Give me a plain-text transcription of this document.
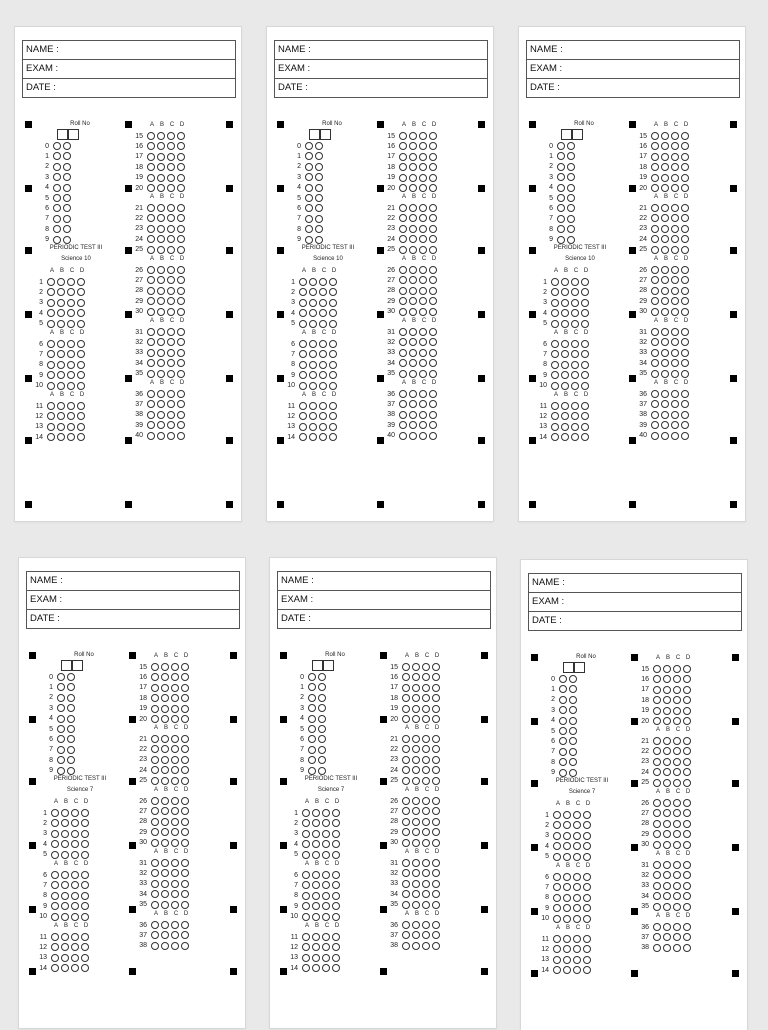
NAME :
EXAM :
DATE :
Roll No
0
1
2
3
4
5
6
7
8
9
PERIODIC TEST III
Science 10
A B C D
1
2
3
4
5
A B C D
6
7
8
9
10
A B C D
11
12
13
14
A B C D
15
16
17
18
19
20
A B C D
21
22
23
24
25
A B C D
26
27
28
29
30
A B C D
31
32
33
34
35
A B C D
36
37
38
39
40
NAME :
EXAM :
DATE :
Roll No
0
1
2
3
4
5
6
7
8
9
PERIODIC TEST III
Science 10
A B C D
1
2
3
4
5
A B C D
6
7
8
9
10
A B C D
11
12
13
14
A B C D
15
16
17
18
19
20
A B C D
21
22
23
24
25
A B C D
26
27
28
29
30
A B C D
31
32
33
34
35
A B C D
36
37
38
39
40
NAME :
EXAM :
DATE :
Roll No
0
1
2
3
4
5
6
7
8
9
PERIODIC TEST III
Science 10
A B C D
1
2
3
4
5
A B C D
6
7
8
9
10
A B C D
11
12
13
14
A B C D
15
16
17
18
19
20
A B C D
21
22
23
24
25
A B C D
26
27
28
29
30
A B C D
31
32
33
34
35
A B C D
36
37
38
39
40
NAME :
EXAM :
DATE :
Roll No
0
1
2
3
4
5
6
7
8
9
PERIODIC TEST III
Science 7
A B C D
1
2
3
4
5
A B C D
6
7
8
9
10
A B C D
11
12
13
14
A B C D
15
16
17
18
19
20
A B C D
21
22
23
24
25
A B C D
26
27
28
29
30
A B C D
31
32
33
34
35
A B C D
36
37
38
NAME :
EXAM :
DATE :
Roll No
0
1
2
3
4
5
6
7
8
9
PERIODIC TEST III
Science 7
A B C D
1
2
3
4
5
A B C D
6
7
8
9
10
A B C D
11
12
13
14
A B C D
15
16
17
18
19
20
A B C D
21
22
23
24
25
A B C D
26
27
28
29
30
A B C D
31
32
33
34
35
A B C D
36
37
38
NAME :
EXAM :
DATE :
Roll No
0
1
2
3
4
5
6
7
8
9
PERIODIC TEST III
Science 7
A B C D
1
2
3
4
5
A B C D
6
7
8
9
10
A B C D
11
12
13
14
A B C D
15
16
17
18
19
20
A B C D
21
22
23
24
25
A B C D
26
27
28
29
30
A B C D
31
32
33
34
35
A B C D
36
37
38
